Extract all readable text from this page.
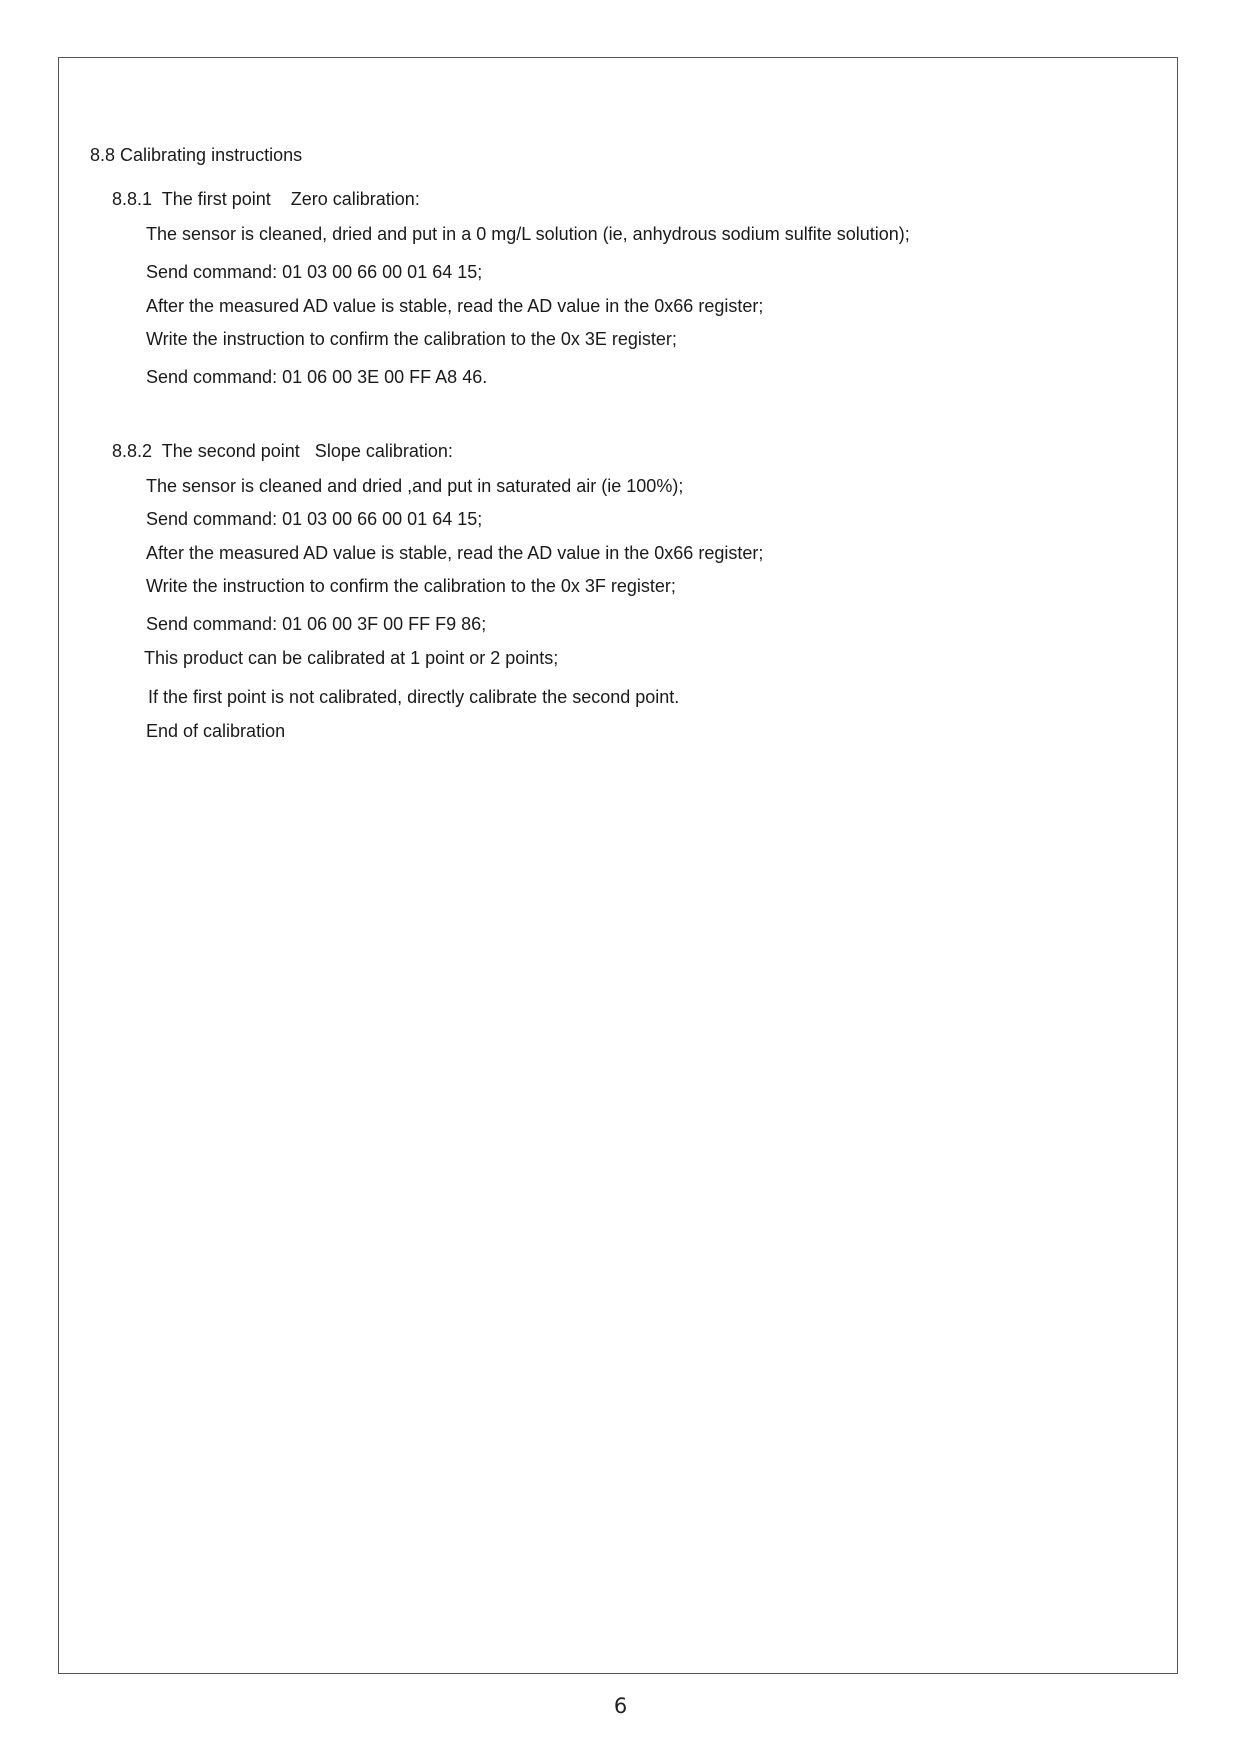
8.8 Calibrating instructions
8.8.1  The first point    Zero calibration:
The sensor is cleaned, dried and put in a 0 mg/L solution (ie, anhydrous sodium sulfite solution);
Send command: 01 03 00 66 00 01 64 15;
After the measured AD value is stable, read the AD value in the 0x66 register;
Write the instruction to confirm the calibration to the 0x 3E register;
Send command: 01 06 00 3E 00 FF A8 46.
8.8.2  The second point   Slope calibration:
The sensor is cleaned and dried ,and put in saturated air (ie 100%);
Send command: 01 03 00 66 00 01 64 15;
After the measured AD value is stable, read the AD value in the 0x66 register;
Write the instruction to confirm the calibration to the 0x 3F register;
Send command: 01 06 00 3F 00 FF F9 86;
This product can be calibrated at 1 point or 2 points;
If the first point is not calibrated, directly calibrate the second point.
End of calibration
6
